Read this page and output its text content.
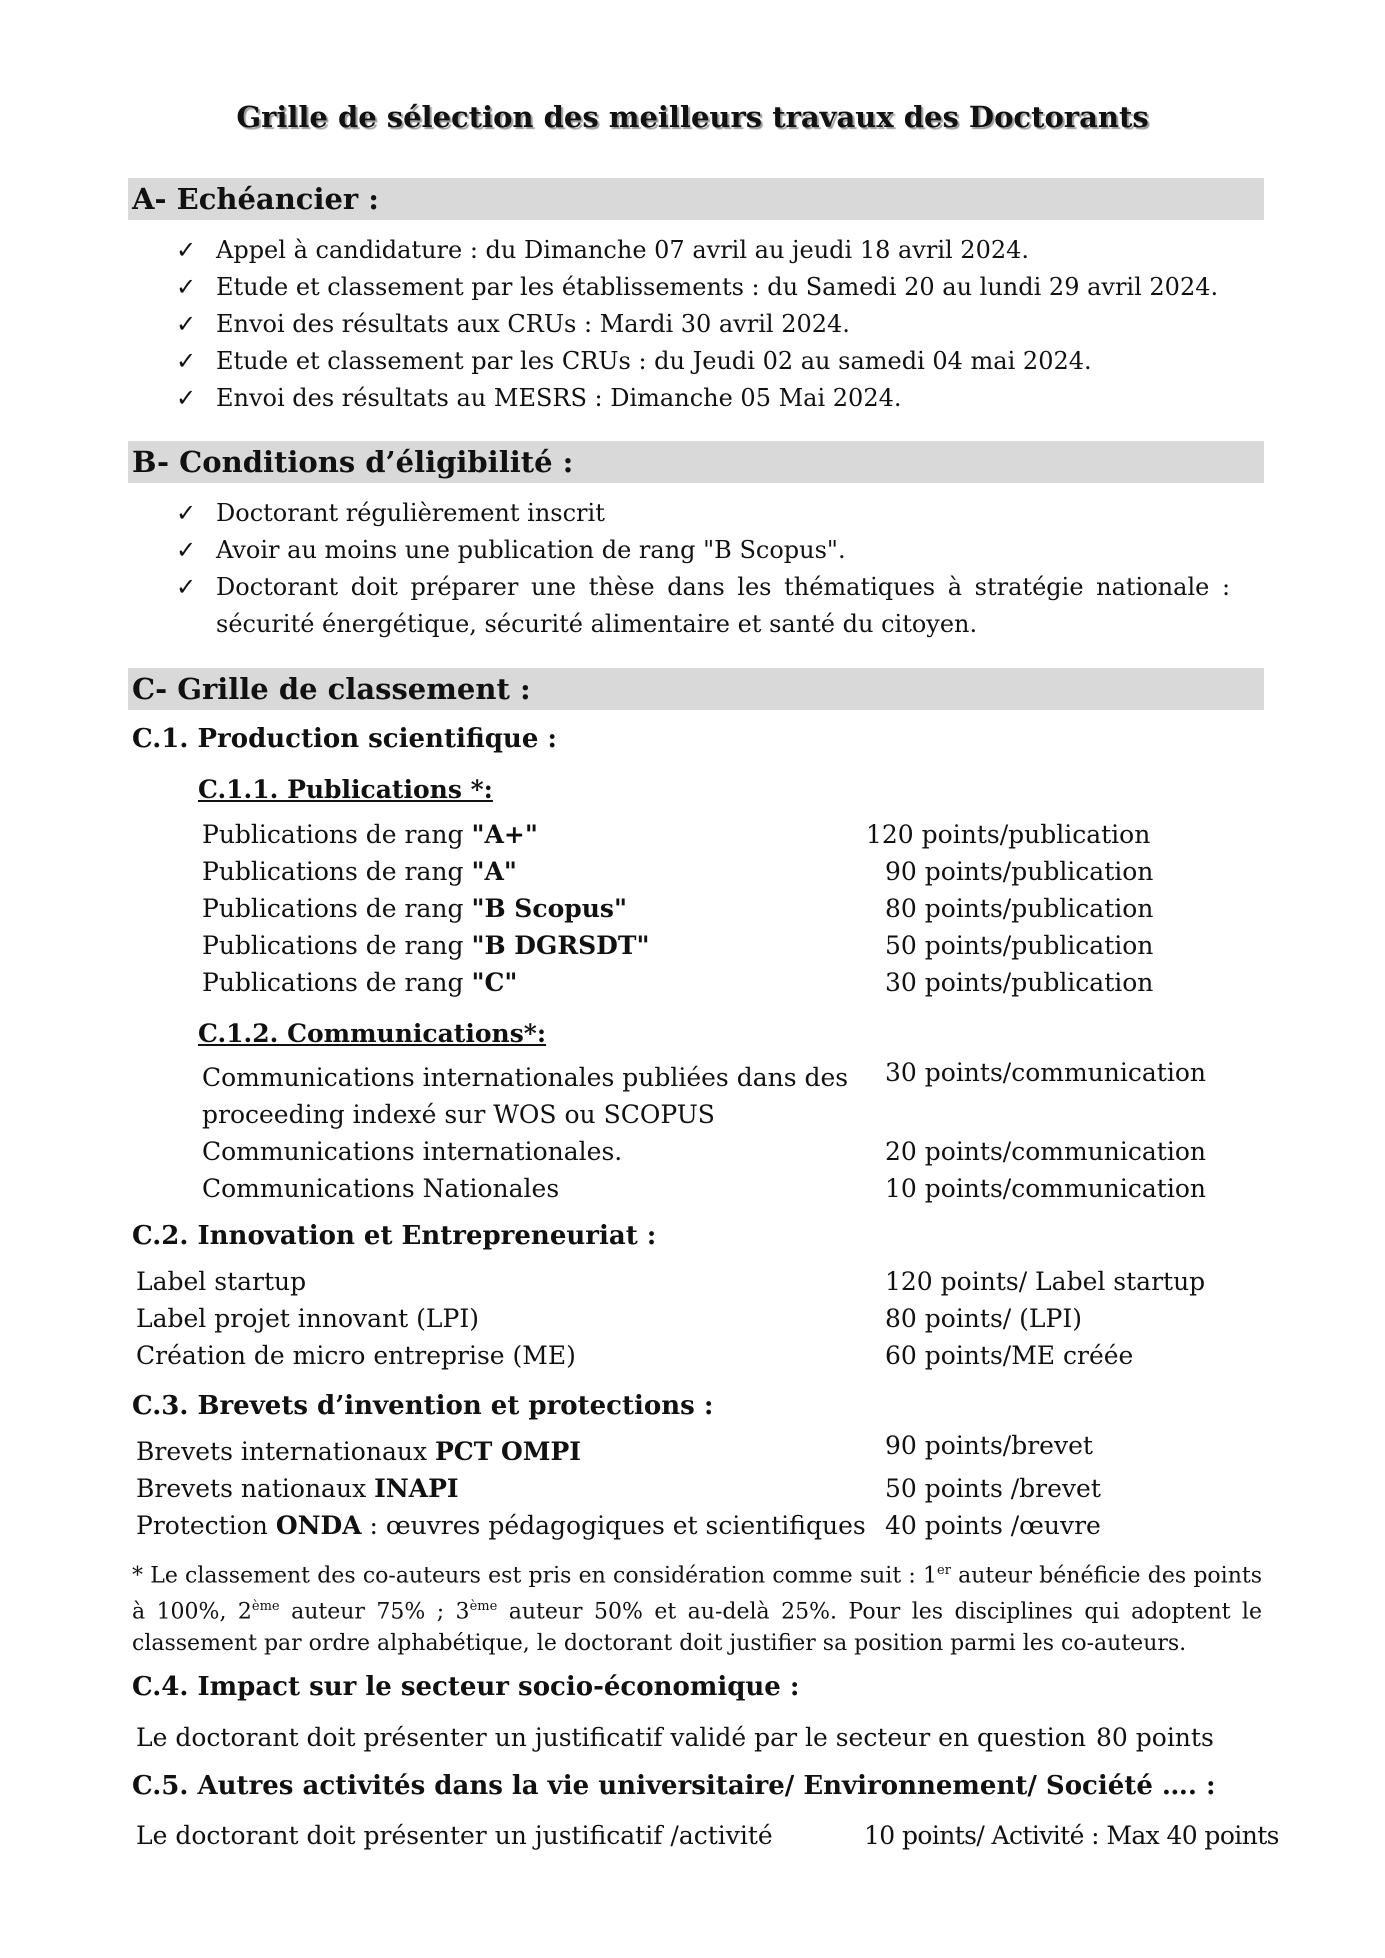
Grille de sélection des meilleurs travaux des Doctorants
A- Echéancier :
✓ Appel à candidature : du Dimanche 07 avril au jeudi 18 avril 2024.
✓ Etude et classement par les établissements : du Samedi 20 au lundi 29 avril 2024.
✓ Envoi des résultats aux CRUs : Mardi 30 avril 2024.
✓ Etude et classement par les CRUs : du Jeudi 02 au samedi 04 mai 2024.
✓ Envoi des résultats au MESRS : Dimanche 05 Mai 2024.
B- Conditions d’éligibilité :
✓ Doctorant régulièrement inscrit
✓ Avoir au moins une publication de rang "B Scopus".
✓ Doctorant doit préparer une thèse dans les thématiques à stratégie nationale :
sécurité énergétique, sécurité alimentaire et santé du citoyen.
C- Grille de classement :
C.1. Production scientifique :
C.1.1. Publications *:
Publications de rang "A+"	120 points/publication
Publications de rang "A"	90 points/publication
Publications de rang "B Scopus"	80 points/publication
Publications de rang "B DGRSDT"	50 points/publication
Publications de rang "C"	30 points/publication
C.1.2. Communications*:
Communications internationales publiées dans des
proceeding indexé sur WOS ou SCOPUS
30 points/communication
Communications internationales.	20 points/communication
Communications Nationales	10 points/communication
C.2. Innovation et Entrepreneuriat :
Label startup	120 points/ Label startup
Label projet innovant (LPI)	80 points/ (LPI)
Création de micro entreprise (ME)	60 points/ME créée
C.3. Brevets d’invention et protections :
Brevets internationaux PCT OMPI	90 points/brevet
Brevets nationaux INAPI	50 points /brevet
Protection ONDA : œuvres pédagogiques et scientifiques 40 points /œuvre
* Le classement des co-auteurs est pris en considération comme suit : 1er auteur bénéficie des points à 100%, 2ème auteur 75% ; 3ème auteur 50% et au-delà 25%. Pour les disciplines qui adoptent le classement par ordre alphabétique, le doctorant doit justifier sa position parmi les co-auteurs.
C.4. Impact sur le secteur socio-économique :
Le doctorant doit présenter un justificatif validé par le secteur en question 80 points
C.5. Autres activités dans la vie universitaire/ Environnement/ Société …. :
Le doctorant doit présenter un justificatif /activité	10 points/ Activité : Max 40 points
